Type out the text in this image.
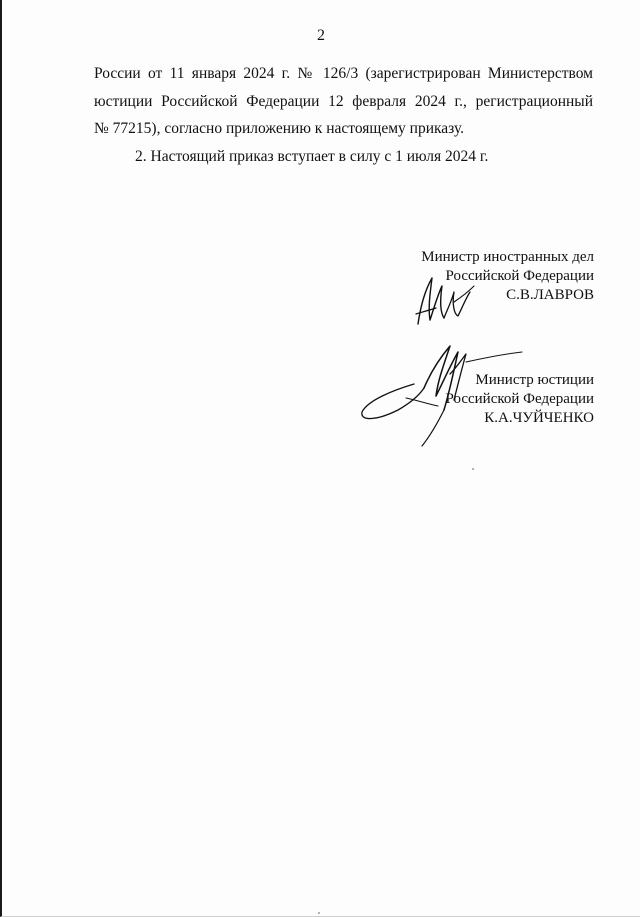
2
России от 11 января 2024 г. № 126/3 (зарегистрирован Министерством
юстиции Российской Федерации 12 февраля 2024 г., регистрационный
№ 77215), согласно приложению к настоящему приказу.
2. Настоящий приказ вступает в силу с 1 июля 2024 г.
Министр иностранных дел
Российской Федерации
С.В.ЛАВРОВ
Министр юстиции
Российской Федерации
К.А.ЧУЙЧЕНКО
